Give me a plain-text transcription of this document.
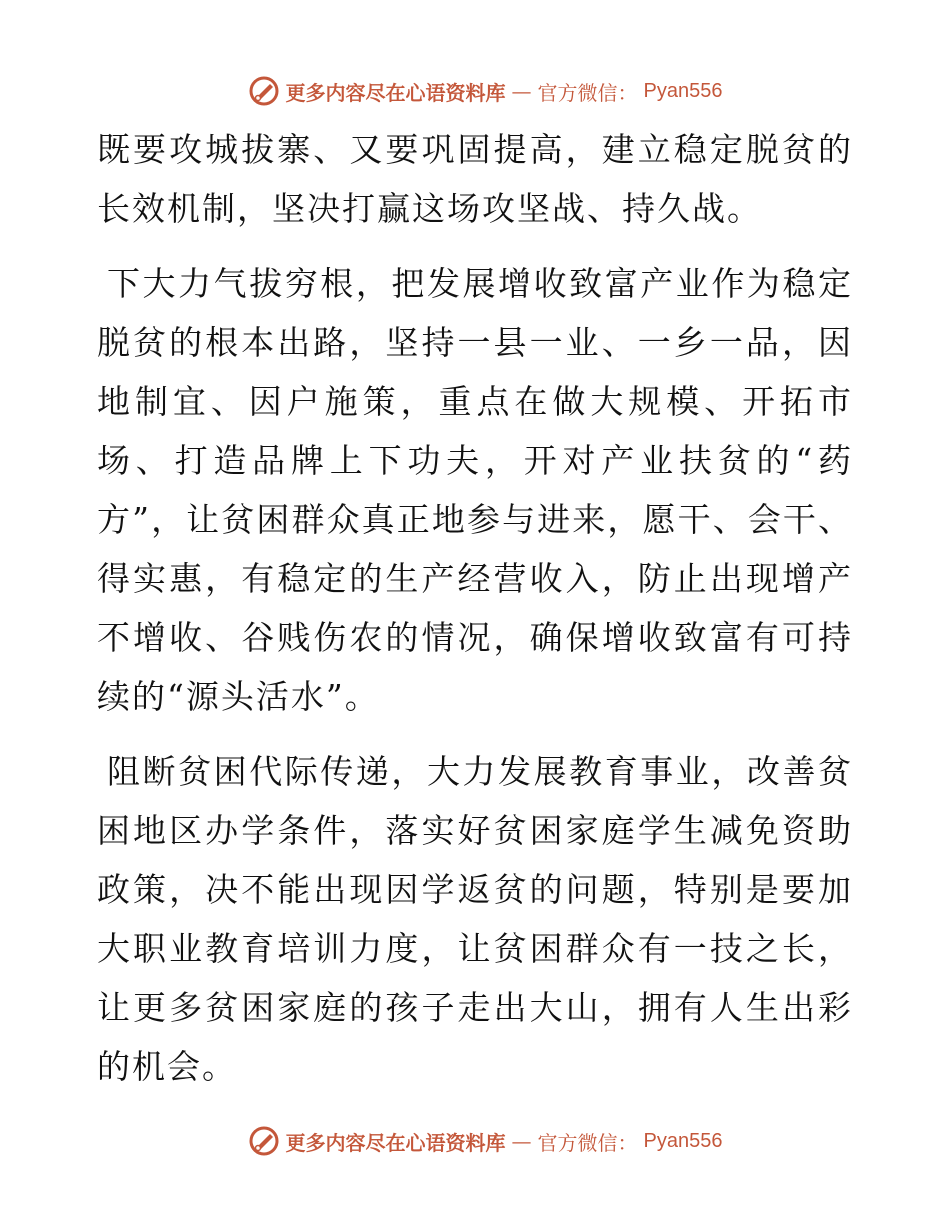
更多内容尽在心语资料库 — 官方微信： Pyan556

既要攻城拔寨、又要巩固提高，建立稳定脱贫的长效机制，坚决打赢这场攻坚战、持久战。

下大力气拔穷根，把发展增收致富产业作为稳定脱贫的根本出路，坚持一县一业、一乡一品，因地制宜、因户施策，重点在做大规模、开拓市场、打造品牌上下功夫，开对产业扶贫的“药方”，让贫困群众真正地参与进来，愿干、会干、得实惠，有稳定的生产经营收入，防止出现增产不增收、谷贱伤农的情况，确保增收致富有可持续的“源头活水”。

阻断贫困代际传递，大力发展教育事业，改善贫困地区办学条件，落实好贫困家庭学生减免资助政策，决不能出现因学返贫的问题，特别是要加大职业教育培训力度，让贫困群众有一技之长，让更多贫困家庭的孩子走出大山，拥有人生出彩的机会。

更多内容尽在心语资料库 — 官方微信： Pyan556
